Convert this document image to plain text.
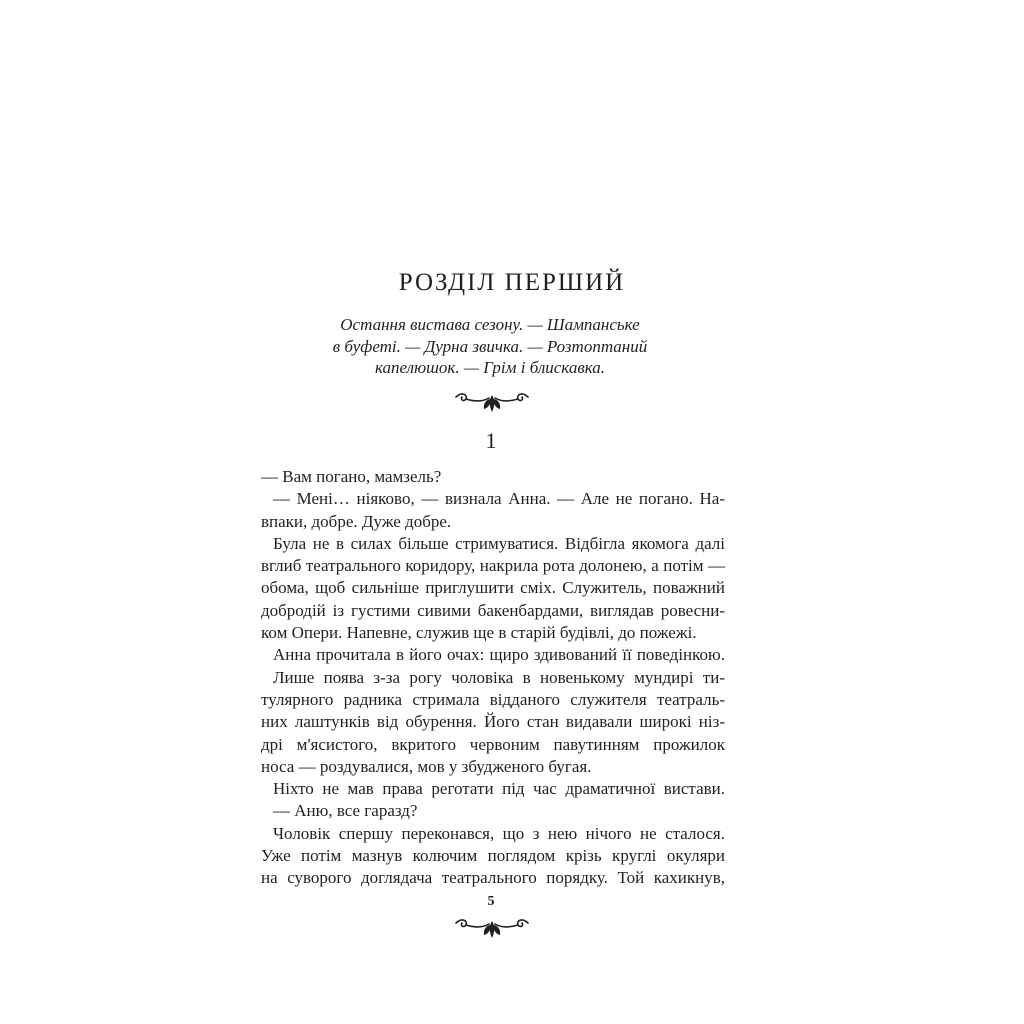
РОЗДІЛ ПЕРШИЙ
Остання вистава сезону. — Шампанське
в буфеті. — Дурна звичка. — Розтоптаний
капелюшок. — Грім і блискавка.
1
— Вам погано, мамзель?
— Мені… ніяково, — визнала Анна. — Але не погано. На-
впаки, добре. Дуже добре.
Була не в силах більше стримуватися. Відбігла якомога далі
вглиб театрального коридору, накрила рота долонею, а потім —
обома, щоб сильніше приглушити сміх. Служитель, поважний
добродій із густими сивими бакенбардами, виглядав ровесни-
ком Опери. Напевне, служив ще в старій будівлі, до пожежі.
Анна прочитала в його очах: щиро здивований її поведінкою.
Лише поява з-за рогу чоловіка в новенькому мундирі ти-
тулярного радника стримала відданого служителя театраль-
них лаштунків від обурення. Його стан видавали широкі ніз-
дрі м'ясистого, вкритого червоним павутинням прожилок
носа — роздувалися, мов у збудженого бугая.
Ніхто не мав права реготати під час драматичної вистави.
— Аню, все гаразд?
Чоловік спершу переконався, що з нею нічого не сталося.
Уже потім мазнув колючим поглядом крізь круглі окуляри
на суворого доглядача театрального порядку. Той кахикнув,
5
